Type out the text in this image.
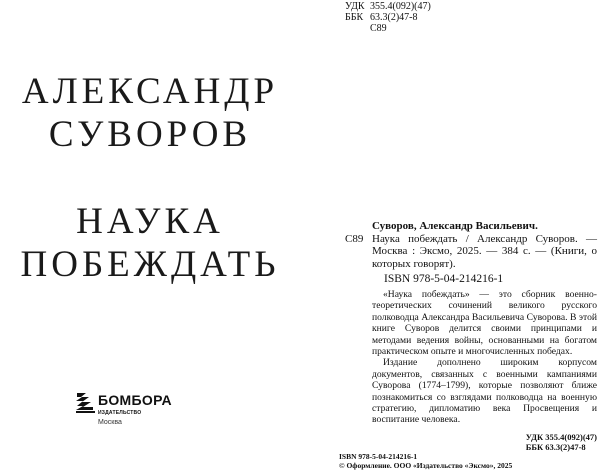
АЛЕКСАНДР
СУВОРОВ
НАУКА
ПОБЕЖДАТЬ
БОМБОРА
ИЗДАТЕЛЬСТВО
Москва
УДК 355.4(092)(47)
ББК 63.3(2)47-8
С89
Суворов, Александр Васильевич.
С89 Наука побеждать / Александр Суворов. — Москва : Эксмо, 2025. — 384 с. — (Книги, о которых говорят).
ISBN 978-5-04-214216-1

«Наука побеждать» — это сборник военно-теоретических сочинений великого русского полководца Александра Васильевича Суворова. В этой книге Суворов делится своими принципами и методами ведения войны, основанными на богатом практическом опыте и многочисленных победах.

Издание дополнено широким корпусом документов, связанных с военными кампаниями Суворова (1774–1799), которые позволяют ближе познакомиться со взглядами полководца на военную стратегию, дипломатию века Просвещения и воспитание человека.

УДК 355.4(092)(47)
ББК 63.3(2)47-8
ISBN 978-5-04-214216-1
© Оформление. ООО «Издательство «Эксмо», 2025
